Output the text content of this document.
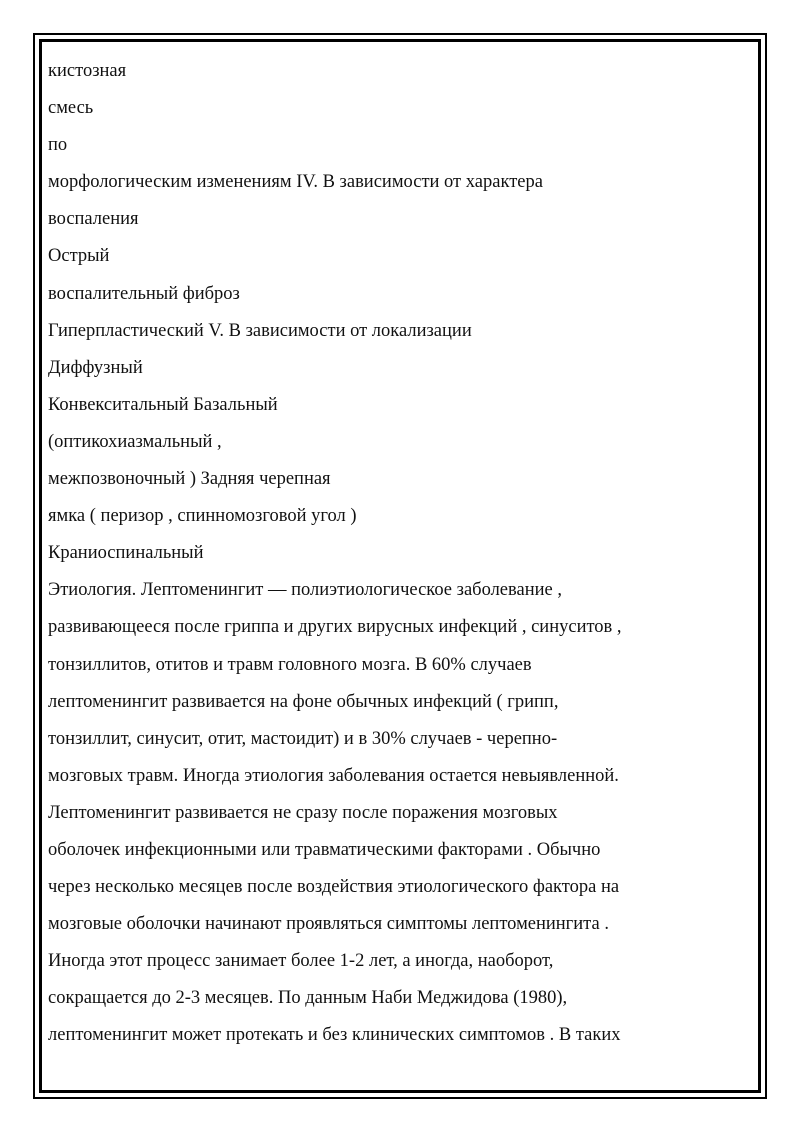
кистозная
смесь
по
морфологическим изменениям IV. В зависимости от характера
воспаления
Острый
воспалительный фиброз
Гиперпластический V. В зависимости от локализации
Диффузный
Конвекситальный Базальный
(оптикохиазмальный ,
межпозвоночный ) Задняя черепная
ямка ( перизор , спинномозговой угол )
Краниоспинальный
Этиология. Лептоменингит — полиэтиологическое заболевание ,
развивающееся после гриппа и других вирусных инфекций , синуситов ,
тонзиллитов, отитов и травм головного мозга. В 60% случаев
лептоменингит развивается на фоне обычных инфекций ( грипп,
тонзиллит, синусит, отит, мастоидит) и в 30% случаев - черепно-
мозговых травм. Иногда этиология заболевания остается невыявленной.
Лептоменингит развивается не сразу после поражения мозговых
оболочек инфекционными или травматическими факторами . Обычно
через несколько месяцев после воздействия этиологического фактора на
мозговые оболочки начинают проявляться симптомы лептоменингита .
Иногда этот процесс занимает более 1-2 лет, а иногда, наоборот,
сокращается до 2-3 месяцев. По данным Наби Меджидова (1980),
лептоменингит может протекать и без клинических симптомов . В таких
